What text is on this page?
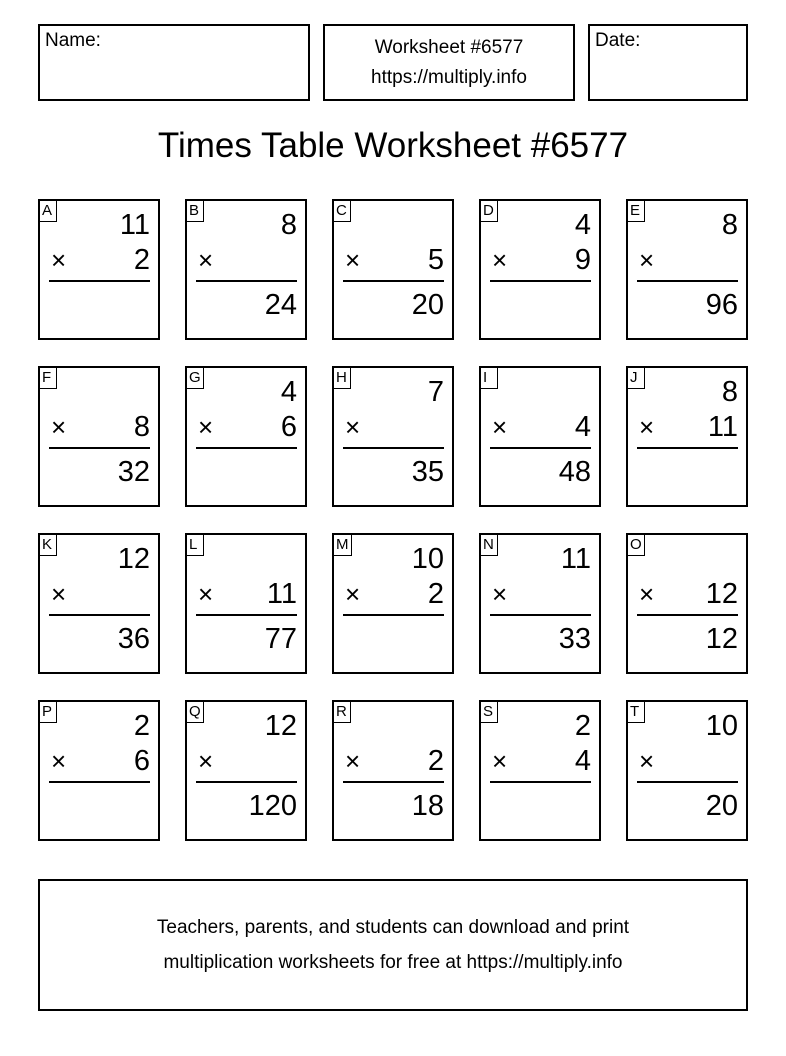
Name:	Worksheet #6577
https://multiply.info
Date:
Times Table Worksheet #6577
A 11
× 2
B	8
×
24
C
× 5
20
D	4
× 9
E	8
×
96
F
× 8
32
G	4
× 6
H	7
×
35
I
× 4
48
J	8
× 11
K 12
×
36
L
× 11
77
M 10
× 2
N 11
×
33
O
× 12
12
P	2
× 6
Q 12
×
120
R
× 2
18
S	2
× 4
T 10
×
20
Teachers, parents, and students can download and print
multiplication worksheets for free at https://multiply.info
